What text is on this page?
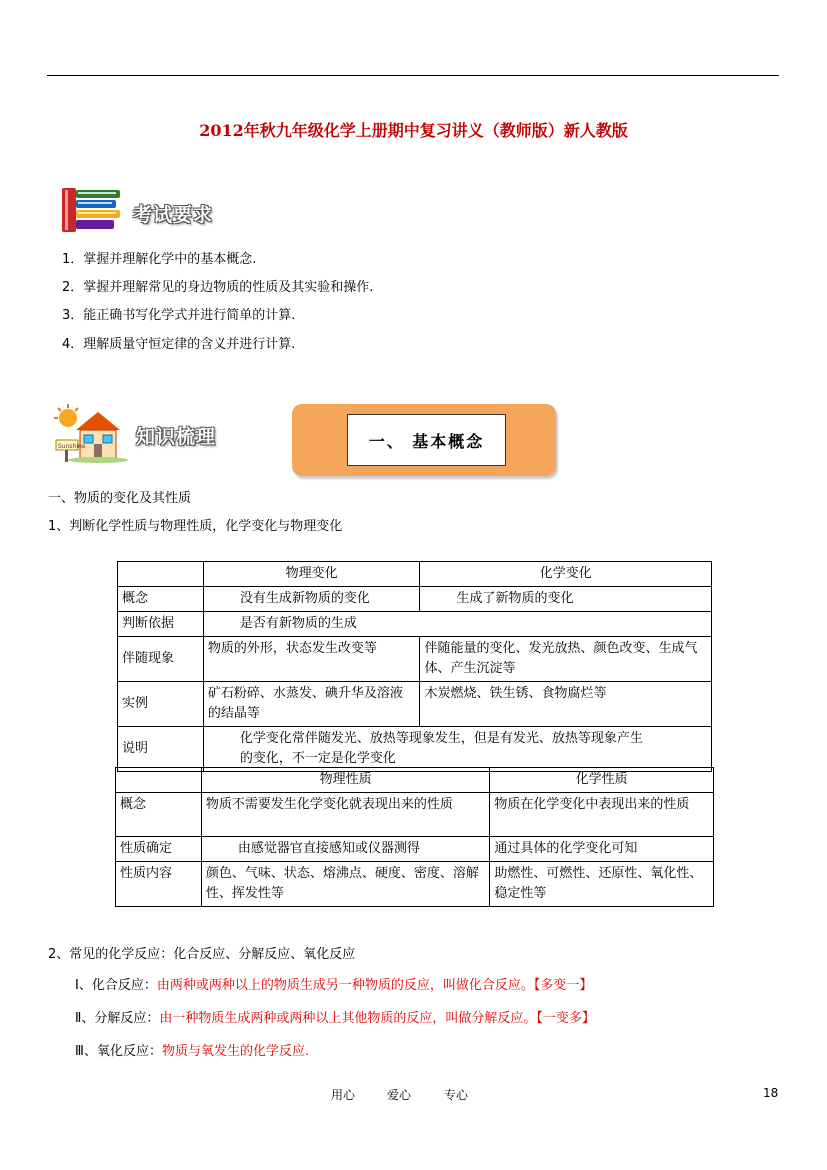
2012年秋九年级化学上册期中复习讲义（教师版）新人教版
考试要求
1．掌握并理解化学中的基本概念.
2．掌握并理解常见的身边物质的性质及其实验和操作.
3．能正确书写化学式并进行简单的计算.
4．理解质量守恒定律的含义并进行计算.
Sunshine	知识梳理	一、 基本概念
一、物质的变化及其性质
1、判断化学性质与物理性质，化学变化与物理变化
	物理变化	化学变化
概念	没有生成新物质的变化	生成了新物质的变化
判断依据	是否有新物质的生成	
伴随现象	物质的外形，状态发生改变等	伴随能量的变化、发光放热、颜色改变、生成气体、产生沉淀等
实例	矿石粉碎、水蒸发、碘升华及溶液的结晶等	木炭燃烧、铁生锈、食物腐烂等
说明	化学变化常伴随发光、放热等现象发生，但是有发光、放热等现象产生的变化，不一定是化学变化	
	物理性质	化学性质
概念	物质不需要发生化学变化就表现出来的性质	物质在化学变化中表现出来的性质
性质确定	由感觉器官直接感知或仪器测得	通过具体的化学变化可知
性质内容	颜色、气味、状态、熔沸点、硬度、密度、溶解性、挥发性等	助燃性、可燃性、还原性、氧化性、稳定性等
2、常见的化学反应：化合反应、分解反应、氧化反应
Ⅰ、化合反应：由两种或两种以上的物质生成另一种物质的反应，叫做化合反应。【多变一】
Ⅱ、分解反应：由一种物质生成两种或两种以上其他物质的反应，叫做分解反应。【一变多】
Ⅲ、氧化反应：物质与氧发生的化学反应.
用心	爱心	专心	18
